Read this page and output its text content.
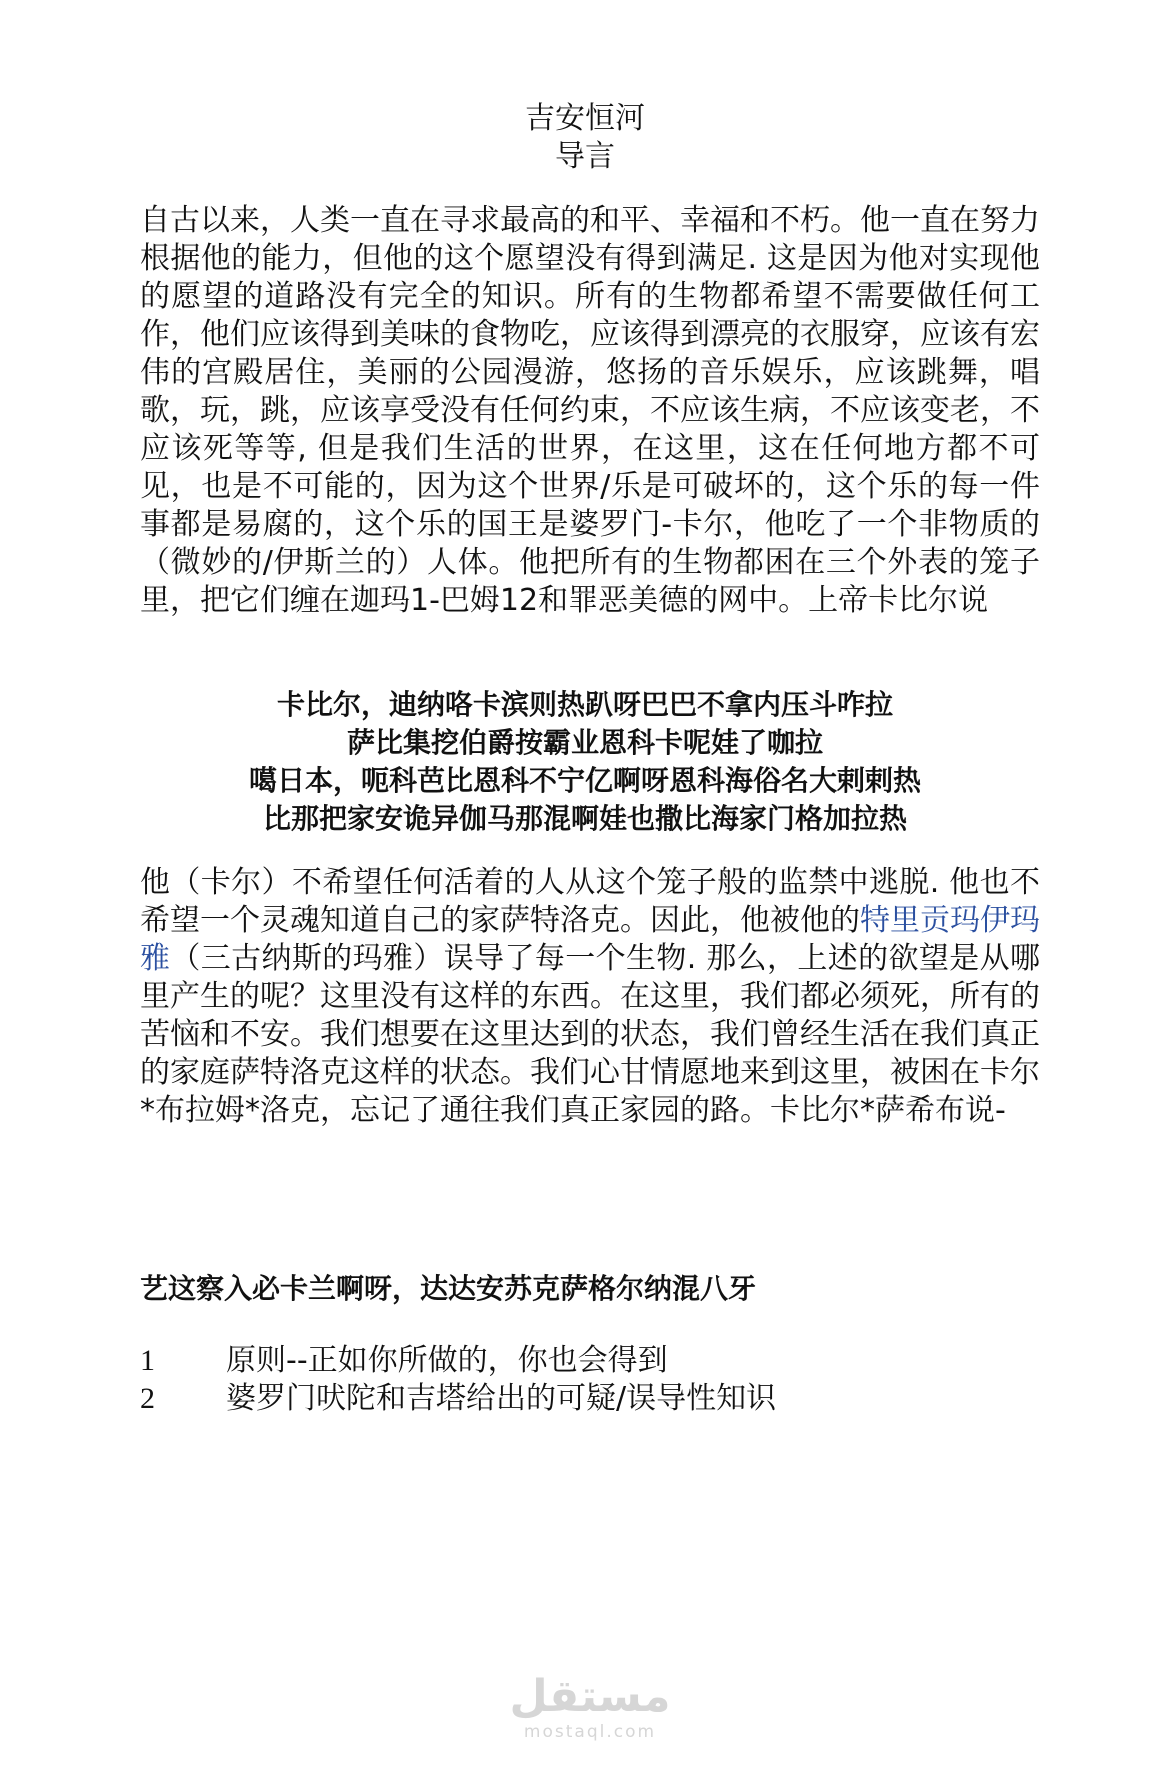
吉安恒河
导言

自古以来，人类一直在寻求最高的和平、幸福和不朽。他一直在努力根据他的能力，但他的这个愿望没有得到满足. 这是因为他对实现他的愿望的道路没有完全的知识。所有的生物都希望不需要做任何工作，他们应该得到美味的食物吃，应该得到漂亮的衣服穿，应该有宏伟的宫殿居住，美丽的公园漫游，悠扬的音乐娱乐，应该跳舞，唱歌，玩，跳，应该享受没有任何约束，不应该生病，不应该变老，不应该死等等, 但是我们生活的世界，在这里，这在任何地方都不可见，也是不可能的，因为这个世界/乐是可破坏的，这个乐的每一件事都是易腐的，这个乐的国王是婆罗门-卡尔，他吃了一个非物质的（微妙的/伊斯兰的）人体。他把所有的生物都困在三个外表的笼子里，把它们缠在迦玛1-巴姆12和罪恶美德的网中。上帝卡比尔说

卡比尔，迪纳咯卡滨则热趴呀巴巴不拿内压斗咋拉
萨比集挖伯爵按霸业恩科卡呢娃了咖拉
噶日本，呃科芭比恩科不宁亿啊呀恩科海俗名大剌剌热
比那把家安诡异伽马那混啊娃也撒比海家门格加拉热

他（卡尔）不希望任何活着的人从这个笼子般的监禁中逃脱. 他也不希望一个灵魂知道自己的家萨特洛克。因此，他被他的特里贡玛伊玛雅（三古纳斯的玛雅）误导了每一个生物. 那么，上述的欲望是从哪里产生的呢？这里没有这样的东西。在这里，我们都必须死，所有的苦恼和不安。我们想要在这里达到的状态，我们曾经生活在我们真正的家庭萨特洛克这样的状态。我们心甘情愿地来到这里，被困在卡尔*布拉姆*洛克，忘记了通往我们真正家园的路。卡比尔*萨希布说-

艺这察入必卡兰啊呀，达达安苏克萨格尔纳混八牙

1	原则--正如你所做的，你也会得到
2	婆罗门吠陀和吉塔给出的可疑/误导性知识
مستقل
mostaql.com
